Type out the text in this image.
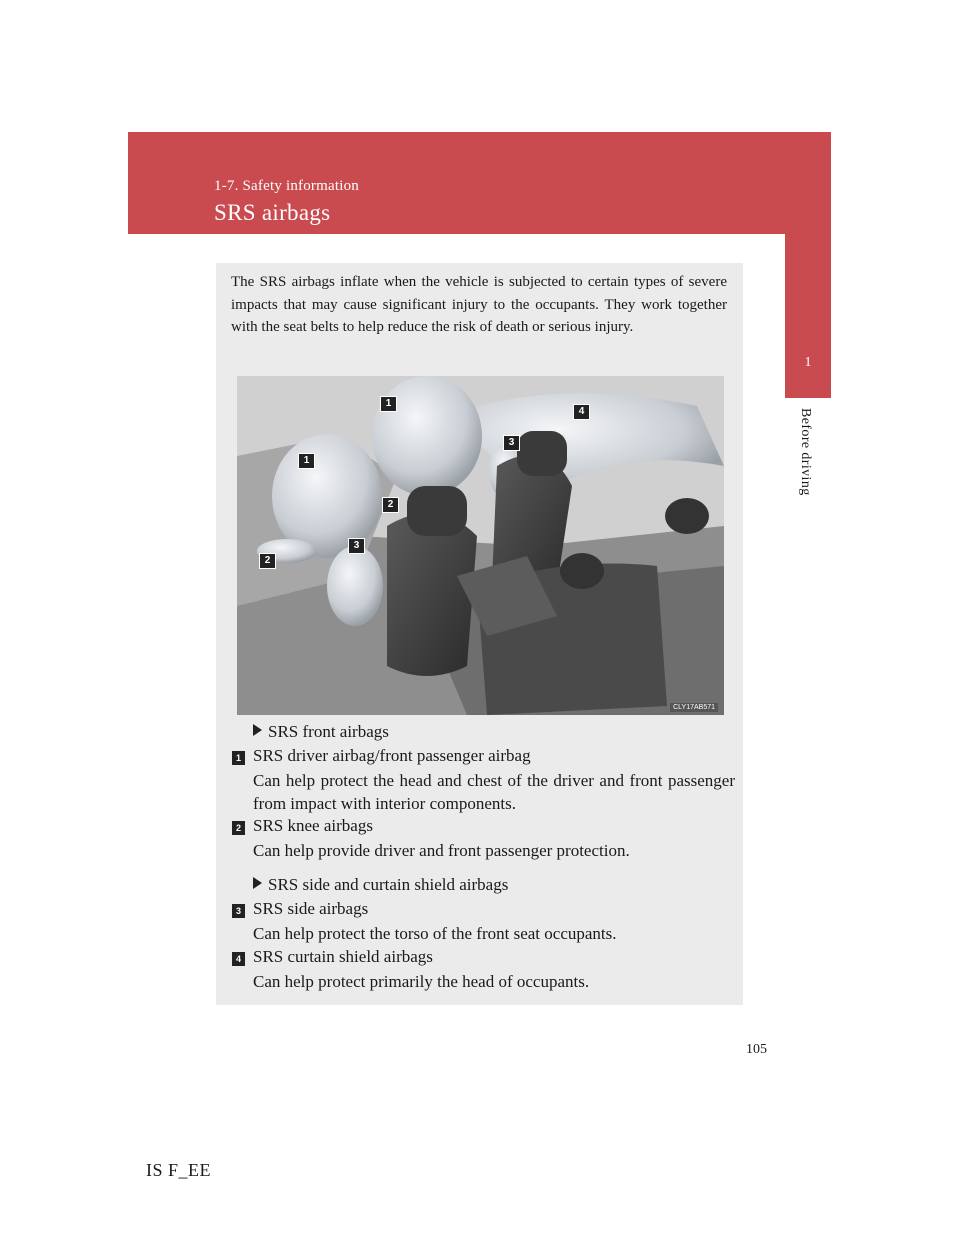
1-7. Safety information
SRS airbags
1
Before driving
The SRS airbags inflate when the vehicle is subjected to certain types of severe impacts that may cause significant injury to the occupants. They work together with the seat belts to help reduce the risk of death or serious injury.
1
1
2
2
3
3
4
CLY17AB571
SRS front airbags
1 SRS driver airbag/front passenger airbag
Can help protect the head and chest of the driver and front passenger from impact with interior components.
2 SRS knee airbags
Can help provide driver and front passenger protection.
SRS side and curtain shield airbags
3 SRS side airbags
Can help protect the torso of the front seat occupants.
4 SRS curtain shield airbags
Can help protect primarily the head of occupants.
105
IS F_EE
